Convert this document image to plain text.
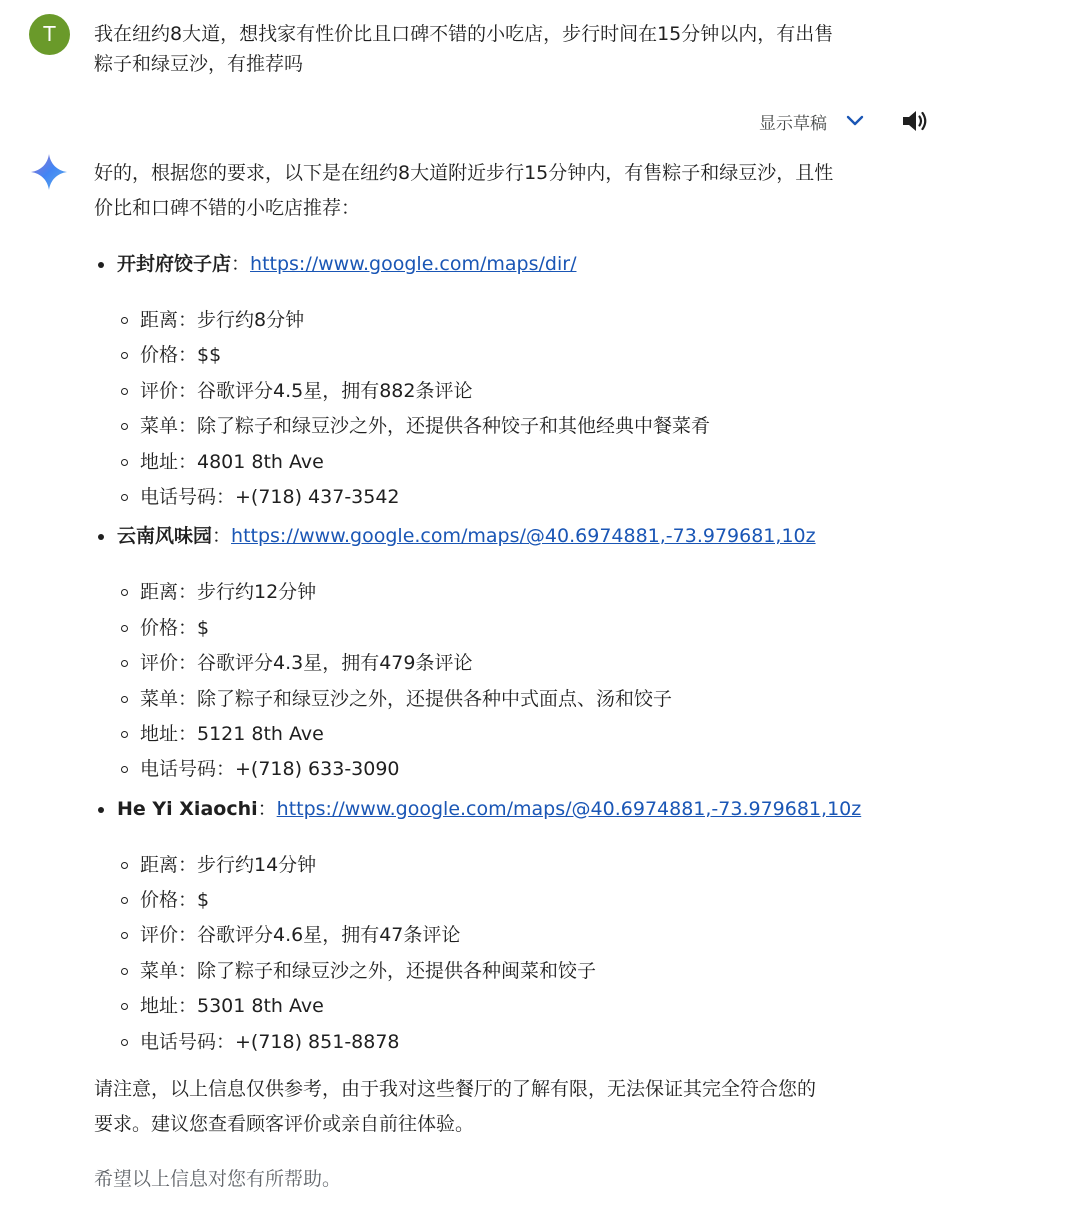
T	我在纽约8大道，想找家有性价比且口碑不错的小吃店，步行时间在15分钟以内，有出售
粽子和绿豆沙，有推荐吗
显示草稿

好的，根据您的要求，以下是在纽约8大道附近步行15分钟内，有售粽子和绿豆沙，且性

价比和口碑不错的小吃店推荐：

开封府饺子店：https://www.google.com/maps/dir/
距离：步行约8分钟
价格：$$
评价：谷歌评分4.5星，拥有882条评论
菜单：除了粽子和绿豆沙之外，还提供各种饺子和其他经典中餐菜肴
地址：4801 8th Ave
电话号码：+(718) 437-3542
云南风味园：https://www.google.com/maps/@40.6974881,-73.979681,10z
距离：步行约12分钟
价格：$
评价：谷歌评分4.3星，拥有479条评论
菜单：除了粽子和绿豆沙之外，还提供各种中式面点、汤和饺子
地址：5121 8th Ave
电话号码：+(718) 633-3090
He Yi Xiaochi：https://www.google.com/maps/@40.6974881,-73.979681,10z
距离：步行约14分钟
价格：$
评价：谷歌评分4.6星，拥有47条评论
菜单：除了粽子和绿豆沙之外，还提供各种闽菜和饺子
地址：5301 8th Ave
电话号码：+(718) 851-8878

请注意，以上信息仅供参考，由于我对这些餐厅的了解有限，无法保证其完全符合您的

要求。建议您查看顾客评价或亲自前往体验。

希望以上信息对您有所帮助。
